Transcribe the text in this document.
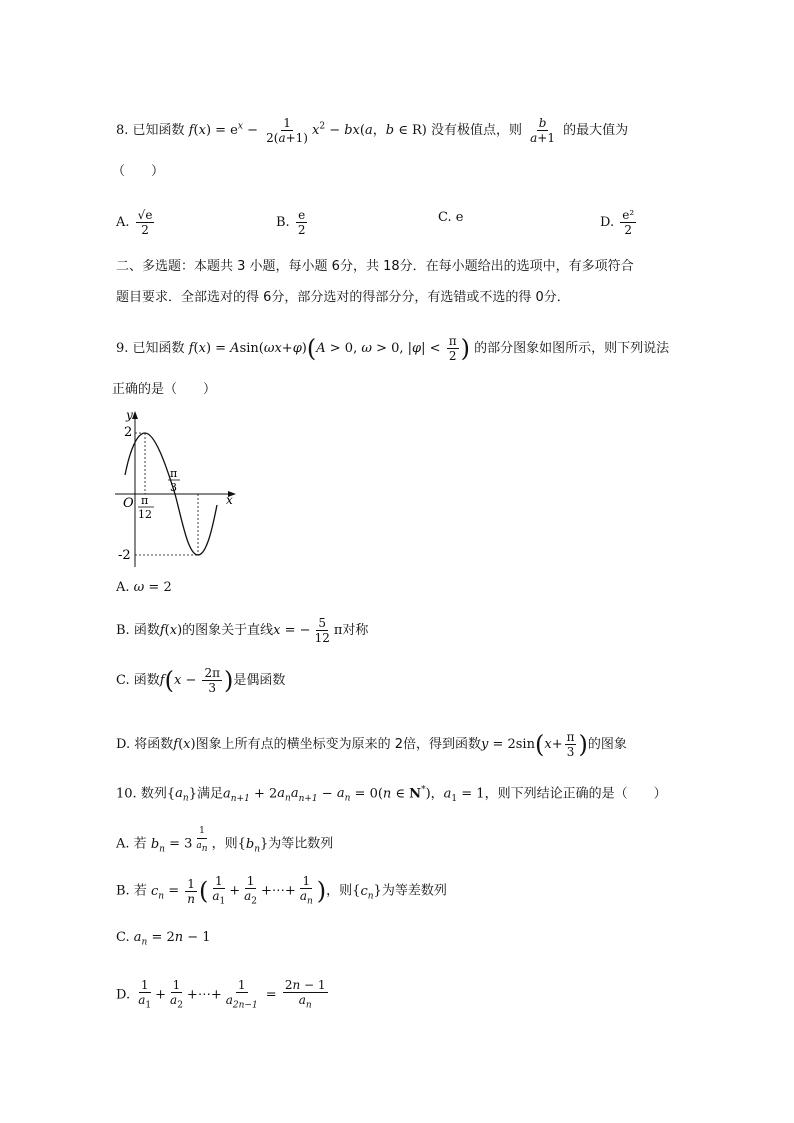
8. 已知函数 $f(x) = e^x - \frac{1}{2(a+1)} x^2 - bx(a$，b ∈ R) 没有极值点，则 $\frac{b}{a+1}$ 的最大值为
（　　）
A. $\frac{√e}{2}$	B. $\frac{e}{2}$	C. e	D. $\frac{\text{e²}}{2}$
二、多选题：本题共 3 小题，每小题 6分，共 18分．在每小题给出的选项中，有多项符合
题目要求．全部选对的得 6分，部分选对的得部分分，有选错或不选的得 0分．
9. 已知函数 f(x) = Asin(ωx+φ)(A > 0, ω > 0, $|\varphi| < \frac{\pi}{2}$ ) 的部分图象如图所示，则下列说法
正确的是（　　）
y
2
-2
O	x
π
12
π
3
A. ω = 2
B. 函数f(x)的图象关于直线x = − $\frac{5}{12}$ π对称
C. 函数$f(x - \frac{2\pi}{3}$ )是偶函数
D. 将函数f(x)图象上所有点的横坐标变为原来的 2倍，得到函数$y = 2\sin(x+ \frac{\pi}{3}$ )的图象
10. 数列$\{a_n\}$满足$a_{n+1} + 2a_na_{n+1} - a_n = 0(n$ ∈ N*)，$a_1 = 1$，则下列结论正确的是（　　）
A. 若 $b_n = 3$ $^{\frac{1}{a_n}}$ ，则$\{b_n\}$为等比数列
B. 若 $c_n = \frac{1}{n}$ ( $\frac{1}{a_1} + \frac{1}{a_2}$ +⋯+ $\frac{1}{a_n}$ )，则$\{c_n\}$为等差数列
C. $a_n = 2n - 1$
D. $\frac{1}{a_1} + \frac{1}{a_2}$ +⋯+ $\frac{1}{a_{2n-1}} = \frac{2n - 1}{a_n}$
